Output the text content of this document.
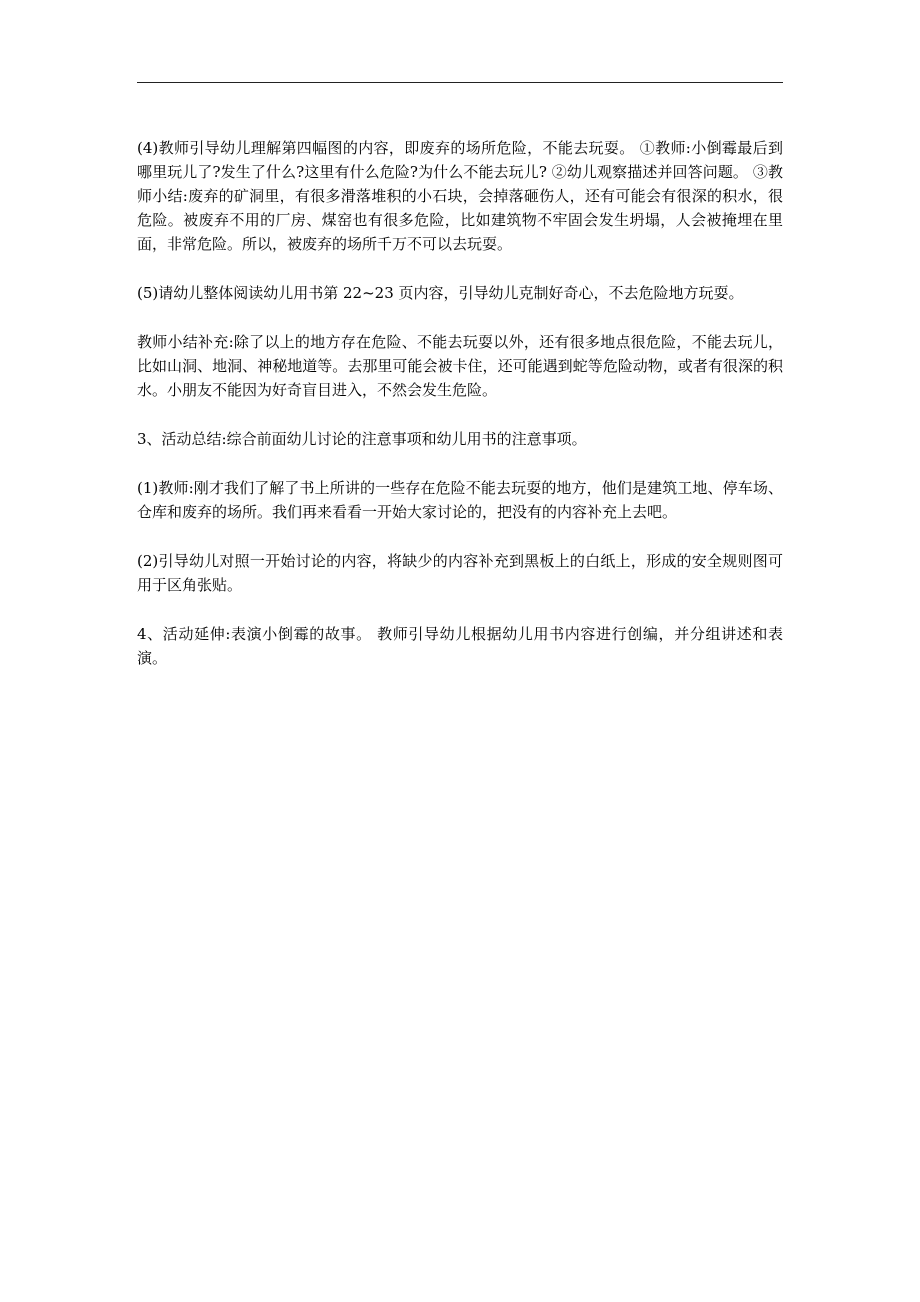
(4)教师引导幼儿理解第四幅图的内容，即废弃的场所危险，不能去玩耍。 ①教师:小倒霉最后到哪里玩儿了?发生了什么?这里有什么危险?为什么不能去玩儿? ②幼儿观察描述并回答问题。 ③教师小结:废弃的矿洞里，有很多滑落堆积的小石块，会掉落砸伤人，还有可能会有很深的积水，很危险。被废弃不用的厂房、煤窑也有很多危险，比如建筑物不牢固会发生坍塌，人会被掩埋在里面，非常危险。所以，被废弃的场所千万不可以去玩耍。

(5)请幼儿整体阅读幼儿用书第 22~23 页内容，引导幼儿克制好奇心，不去危险地方玩耍。

教师小结补充:除了以上的地方存在危险、不能去玩耍以外，还有很多地点很危险，不能去玩儿，比如山洞、地洞、神秘地道等。去那里可能会被卡住，还可能遇到蛇等危险动物，或者有很深的积水。小朋友不能因为好奇盲目进入，不然会发生危险。

3、活动总结:综合前面幼儿讨论的注意事项和幼儿用书的注意事项。

(1)教师:刚才我们了解了书上所讲的一些存在危险不能去玩耍的地方，他们是建筑工地、停车场、仓库和废弃的场所。我们再来看看一开始大家讨论的，把没有的内容补充上去吧。

(2)引导幼儿对照一开始讨论的内容，将缺少的内容补充到黑板上的白纸上，形成的安全规则图可用于区角张贴。

4、活动延伸:表演小倒霉的故事。 教师引导幼儿根据幼儿用书内容进行创编，并分组讲述和表演。
